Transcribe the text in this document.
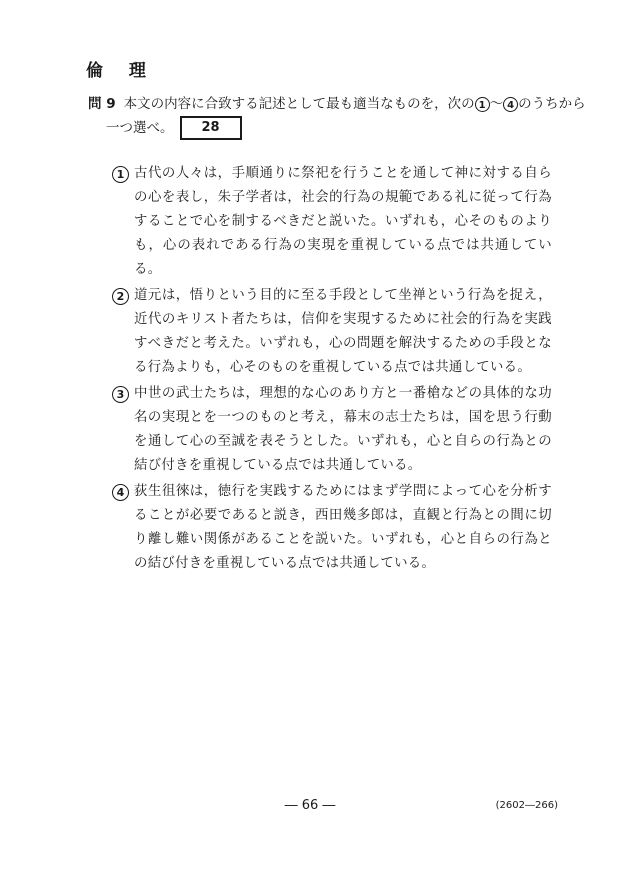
倫 理
問 9 本文の内容に合致する記述として最も適当なものを，次の 1 ～ 4 のうちから
一つ選べ。 28
1 古代の人々は，手順通りに祭祀を行うことを通して神に対する自らの心を表し，朱子学者は，社会的行為の規範である礼に従って行為することで心を制するべきだと説いた。いずれも，心そのものよりも，心の表れである行為の実現を重視している点では共通している。

2 道元は，悟りという目的に至る手段として坐禅という行為を捉え，近代のキリスト者たちは，信仰を実現するために社会的行為を実践すべきだと考えた。いずれも，心の問題を解決するための手段となる行為よりも，心そのものを重視している点では共通している。

3 中世の武士たちは，理想的な心のあり方と一番槍などの具体的な功名の実現とを一つのものと考え，幕末の志士たちは，国を思う行動を通して心の至誠を表そうとした。いずれも，心と自らの行為との結び付きを重視している点では共通している。

4 荻生徂徠は，徳行を実践するためにはまず学問によって心を分析することが必要であると説き，西田幾多郎は，直観と行為との間に切り離し難い関係があることを説いた。いずれも，心と自らの行為との結び付きを重視している点では共通している。

― 66 ―	(2602―266)
